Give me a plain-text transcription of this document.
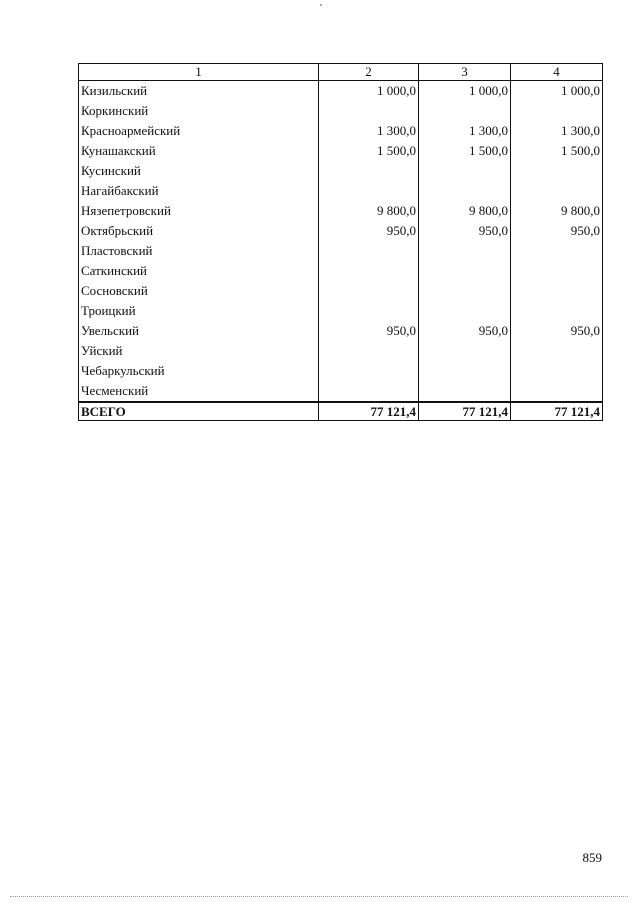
1	2	3	4
Кизильский	1 000,0	1 000,0	1 000,0
Коркинский			
Красноармейский	1 300,0	1 300,0	1 300,0
Кунашакский	1 500,0	1 500,0	1 500,0
Кусинский			
Нагайбакский			
Нязепетровский	9 800,0	9 800,0	9 800,0
Октябрьский	950,0	950,0	950,0
Пластовский			
Саткинский			
Сосновский			
Троицкий			
Увельский	950,0	950,0	950,0
Уйский			
Чебаркульский			
Чесменский			
ВСЕГО	77 121,4	77 121,4	77 121,4
859
